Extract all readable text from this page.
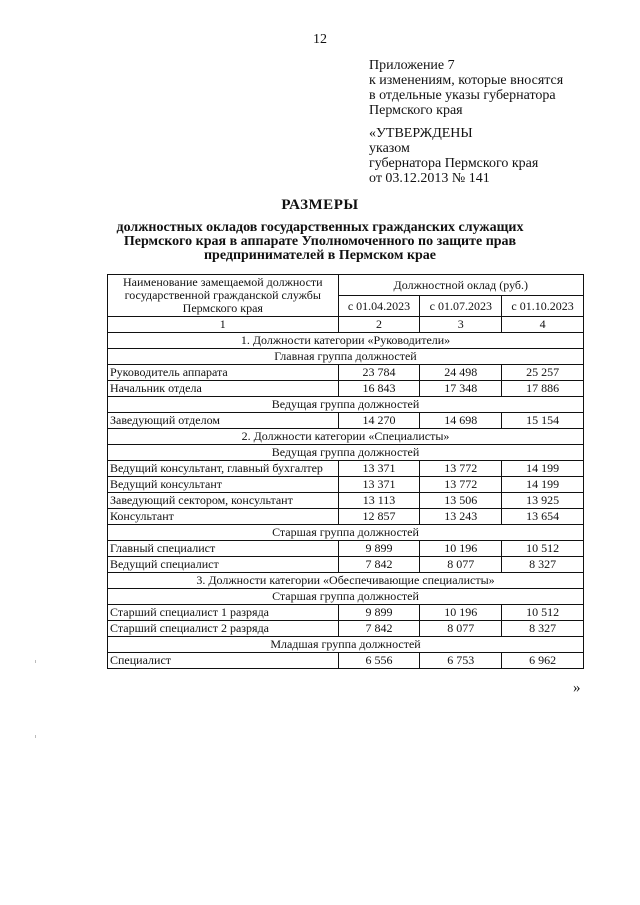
12
Приложение 7
к изменениям, которые вносятся
в отдельные указы губернатора
Пермского края
«УТВЕРЖДЕНЫ
указом
губернатора Пермского края
от 03.12.2013 № 141
РАЗМЕРЫ
должностных окладов государственных гражданских служащих
Пермского края в аппарате Уполномоченного по защите прав
предпринимателей в Пермском крае
Наименование замещаемой должности государственной гражданской службы Пермского края	Должностной оклад (руб.)		
	с 01.04.2023	с 01.07.2023	с 01.10.2023
1	2	3	4
1. Должности категории «Руководители»			
Главная группа должностей			
Руководитель аппарата	23 784	24 498	25 257
Начальник отдела	16 843	17 348	17 886
Ведущая группа должностей			
Заведующий отделом	14 270	14 698	15 154
2. Должности категории «Специалисты»			
Ведущая группа должностей			
Ведущий консультант, главный бухгалтер	13 371	13 772	14 199
Ведущий консультант	13 371	13 772	14 199
Заведующий сектором, консультант	13 113	13 506	13 925
Консультант	12 857	13 243	13 654
Старшая группа должностей			
Главный специалист	9 899	10 196	10 512
Ведущий специалист	7 842	8 077	8 327
3. Должности категории «Обеспечивающие специалисты»			
Старшая группа должностей			
Старший специалист 1 разряда	9 899	10 196	10 512
Старший специалист 2 разряда	7 842	8 077	8 327
Младшая группа должностей			
Специалист	6 556	6 753	6 962
»
